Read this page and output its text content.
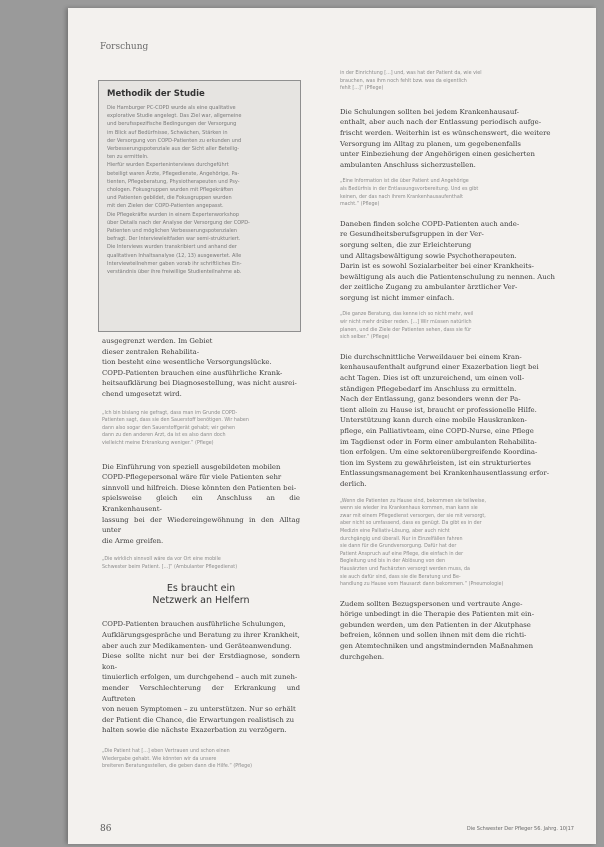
Forschung
Methodik der Studie
Die Hamburger PC-COPD wurde als eine qualitative
explorative Studie angelegt. Das Ziel war, allgemeine
und berufsspezifische Bedingungen der Versorgung
im Blick auf Bedürfnisse, Schwächen, Stärken in
der Versorgung von COPD-Patienten zu erkunden und
Verbesserungspotenziale aus der Sicht aller Beteilig-
ten zu ermitteln.
Hierfür wurden Experteninterviews durchgeführt
beteiligt waren Ärzte, Pflegedienste, Angehörige, Pa-
tienten, Pflegeberatung, Physiotherapeuten und Psy-
chologen. Fokusgruppen wurden mit Pflegekräften
und Patienten gebildet, die Fokusgruppen wurden
mit den Zielen der COPD-Patienten angepasst.
Die Pflegekräfte wurden in einem Expertenworkshop
über Details nach der Analyse der Versorgung der COPD-
Patienten und möglichen Verbesserungspotenzialen
befragt. Der Interviewleitfaden war semi-strukturiert.
Die Interviews wurden transkribiert und anhand der
qualitativen Inhaltsanalyse (12, 13) ausgewertet. Alle
Interviewteilnehmer gaben vorab ihr schriftliches Ein-
verständnis über ihre freiwillige Studienteilnahme ab.

ausgegrenzt werden. Im Gebiet
dieser zentralen Rehabilita-
tion besteht eine wesentliche Versorgungslücke.
COPD-Patienten brauchen eine ausführliche Krank-
heitsaufklärung bei Diagnosestellung, was nicht ausrei-
chend umgesetzt wird.

„Ich bin bislang nie gefragt, dass man im Grunde COPD-
Patienten sagt, dass sie den Sauerstoff benötigen. Wir haben
dann also sogar den Sauerstoffgerät gehabt; wir gehen
dann zu den anderen Arzt, da ist es also dann doch
vielleicht meine Erkrankung weniger.“ (Pflege)

Die Einführung von speziell ausgebildeten mobilen
COPD-Pflegepersonal wäre für viele Patienten sehr
sinnvoll und hilfreich. Diese könnten den Patienten bei-
spielsweise gleich ein Anschluss an die Krankenhausent-
lassung bei der Wiedereingewöhnung in den Alltag unter
die Arme greifen.

„Die wirklich sinnvoll wäre da vor Ort eine mobile
Schwester beim Patient. [...]“ (Ambulanter Pflegedienst)

Es braucht ein
Netzwerk an Helfern

COPD-Patienten brauchen ausführliche Schulungen,
Aufklärungsgespräche und Beratung zu ihrer Krankheit,
aber auch zur Medikamenten- und Geräteanwendung.
Diese sollte nicht nur bei der Erstdiagnose, sondern kon-
tinuierlich erfolgen, um durchgehend – auch mit zuneh-
mender Verschlechterung der Erkrankung und Auftreten
von neuen Symptomen – zu unterstützen. Nur so erhält
der Patient die Chance, die Erwartungen realistisch zu
halten sowie die nächste Exazerbation zu verzögern.

„Die Patient hat [...] eben Vertrauen und schon einen
Wiedergabe gehabt. Wie könnten wir da unsere
breiteren Beratungsstellen, die geben dann die Hilfe.“ (Pflege)

in der Einrichtung [...] und, was hat der Patient da, wie viel
brauchen, was ihm noch fehlt bzw. was da eigentlich
fehlt [...]“ (Pflege)

Die Schulungen sollten bei jedem Krankenhausauf-
enthalt, aber auch nach der Entlassung periodisch aufge-
frischt werden. Weiterhin ist es wünschenswert, die weitere
Versorgung im Alltag zu planen, um gegebenenfalls
unter Einbeziehung der Angehörigen einen gesicherten
ambulanten Anschluss sicherzustellen.

„Eine Information ist die über Patient und Angehörige
als Bedürfnis in der Entlassungsvorbereitung. Und es gibt
keinen, der das nach ihrem Krankenhausaufenthalt
macht.“ (Pflege)

Daneben finden solche COPD-Patienten auch ande-
re Gesundheitsberufsgruppen in der Ver-
sorgung selten, die zur Erleichterung
und Alltagsbewältigung sowie Psychotherapeuten.
Darin ist es sowohl Sozialarbeiter bei einer Krankheits-
bewältigung als auch die Patientenschulung zu nennen. Auch
der zeitliche Zugang zu ambulanter ärztlicher Ver-
sorgung ist nicht immer einfach.

„Die ganze Beratung, das kenne ich so nicht mehr, weil
wir nicht mehr drüber reden. [...] Wir müssen natürlich
planen, und die Ziele der Patienten sehen, dass sie für
sich selber.“ (Pflege)

Die durchschnittliche Verweildauer bei einem Kran-
kenhausaufenthalt aufgrund einer Exazerbation liegt bei
acht Tagen. Dies ist oft unzureichend, um einen voll-
ständigen Pflegebedarf im Anschluss zu ermitteln.
Nach der Entlassung, ganz besonders wenn der Pa-
tient allein zu Hause ist, braucht er professionelle Hilfe.
Unterstützung kann durch eine mobile Hauskranken-
pflege, ein Palliativteam, eine COPD-Nurse, eine Pflege
im Tagdienst oder in Form einer ambulanten Rehabilita-
tion erfolgen. Um eine sektorenübergreifende Koordina-
tion im System zu gewährleisten, ist ein strukturiertes
Entlassungsmanagement bei Krankenhausentlassung erfor-
derlich.

„Wenn die Patienten zu Hause sind, bekommen sie teilweise,
wenn sie wieder ins Krankenhaus kommen, man kann sie
zwar mit einem Pflegedienst versorgen, der sie mit versorgt,
aber nicht so umfassend, dass es genügt. Da gibt es in der
Medizin eine Palliativ-Lösung, aber auch nicht
durchgängig und überall. Nur in Einzelfällen fahren
sie dann für die Grundversorgung. Dafür hat der
Patient Anspruch auf eine Pflege, die einfach in der
Begleitung und bis in der Ablösung von den
Hausärzten und Fachärzten versorgt werden muss, da
sie auch dafür sind, dass sie die Beratung und Be-
handlung zu Hause vom Hausarzt dann bekommen.“ (Pneumologie)

Zudem sollten Bezugspersonen und vertraute Ange-
hörige unbedingt in die Therapie des Patienten mit ein-
gebunden werden, um den Patienten in der Akutphase
befreien, können und sollen ihnen mit dem die richti-
gen Atemtechniken und angstmindernden Maßnahmen
durchgehen.

86	Die Schwester Der Pfleger 56. Jahrg. 10|17
